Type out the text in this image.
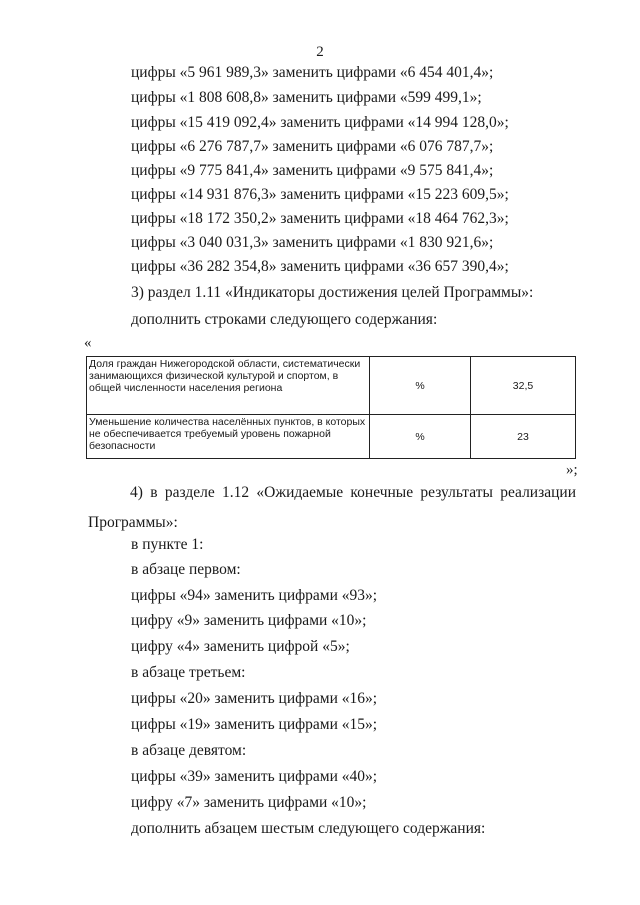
2
цифры «5 961 989,3» заменить цифрами «6 454 401,4»;
цифры «1 808 608,8» заменить цифрами «599 499,1»;
цифры «15 419 092,4» заменить цифрами «14 994 128,0»;
цифры «6 276 787,7» заменить цифрами «6 076 787,7»;
цифры «9 775 841,4» заменить цифрами «9 575 841,4»;
цифры «14 931 876,3» заменить цифрами «15 223 609,5»;
цифры «18 172 350,2» заменить цифрами «18 464 762,3»;
цифры «3 040 031,3» заменить цифрами «1 830 921,6»;
цифры «36 282 354,8» заменить цифрами «36 657 390,4»;
3) раздел 1.11 «Индикаторы достижения целей Программы»:
дополнить строками следующего содержания:
«
Доля граждан Нижегородской области, систематически занимающихся физической культурой и спортом, в общей численности населения региона	%	32,5
Уменьшение количества населённых пунктов, в которых не обеспечивается требуемый уровень пожарной безопасности	%	23
»;
4) в разделе 1.12 «Ожидаемые конечные результаты реализации
Программы»:
в пункте 1:
в абзаце первом:
цифры «94» заменить цифрами «93»;
цифру «9» заменить цифрами «10»;
цифру «4» заменить цифрой «5»;
в абзаце третьем:
цифры «20» заменить цифрами «16»;
цифры «19» заменить цифрами «15»;
в абзаце девятом:
цифры «39» заменить цифрами «40»;
цифру «7» заменить цифрами «10»;
дополнить абзацем шестым следующего содержания:
